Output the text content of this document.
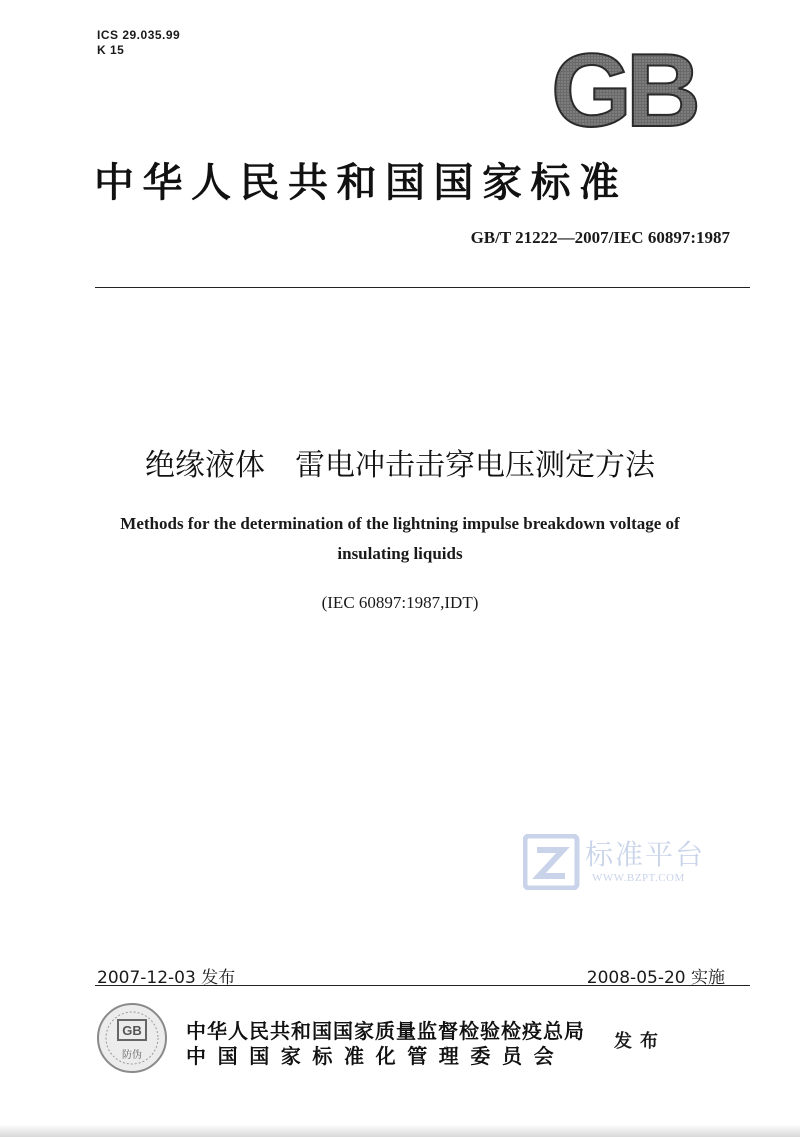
ICS 29.035.99
K 15	GB
中华人民共和国国家标准
GB/T 21222—2007/IEC 60897:1987
绝缘液体　雷电冲击击穿电压测定方法
Methods for the determination of the lightning impulse breakdown voltage of
insulating liquids
(IEC 60897:1987,IDT)
标准平台
WWW.BZPT.COM
2007-12-03 发布	2008-05-20 实施
GB
防伪
中华人民共和国国家质量监督检验检疫总局
中国国家标准化管理委员会
发布
